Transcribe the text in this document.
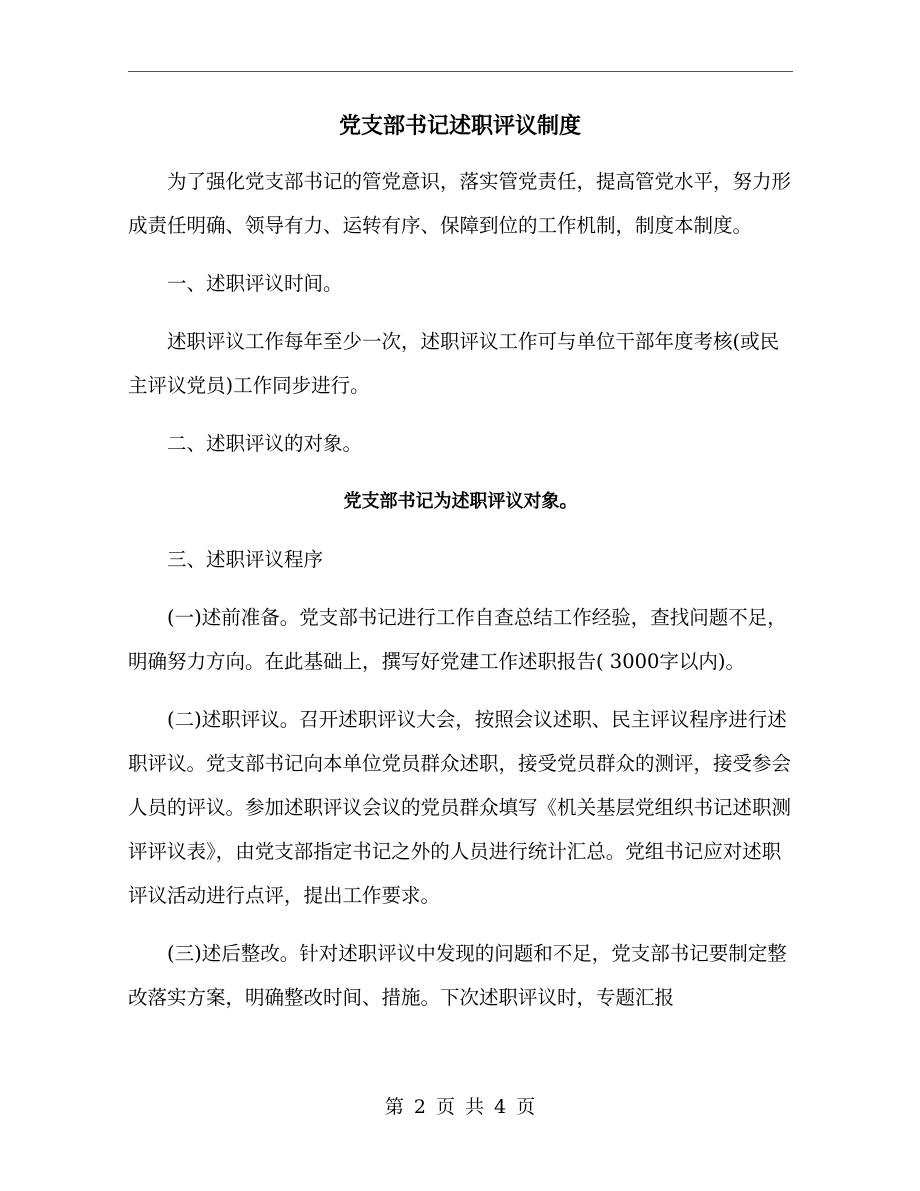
党支部书记述职评议制度

为了强化党支部书记的管党意识，落实管党责任，提高管党水平，努力形成责任明确、领导有力、运转有序、保障到位的工作机制，制度本制度。

一、述职评议时间。

述职评议工作每年至少一次，述职评议工作可与单位干部年度考核(或民主评议党员)工作同步进行。

二、述职评议的对象。

党支部书记为述职评议对象。

三、述职评议程序

(一)述前准备。党支部书记进行工作自查总结工作经验，查找问题不足，明确努力方向。在此基础上，撰写好党建工作述职报告( 3000字以内)。

(二)述职评议。召开述职评议大会，按照会议述职、民主评议程序进行述职评议。党支部书记向本单位党员群众述职，接受党员群众的测评，接受参会人员的评议。参加述职评议会议的党员群众填写《机关基层党组织书记述职测评评议表》，由党支部指定书记之外的人员进行统计汇总。党组书记应对述职评议活动进行点评，提出工作要求。

(三)述后整改。针对述职评议中发现的问题和不足，党支部书记要制定整改落实方案，明确整改时间、措施。下次述职评议时，专题汇报

第 2 页 共 4 页
